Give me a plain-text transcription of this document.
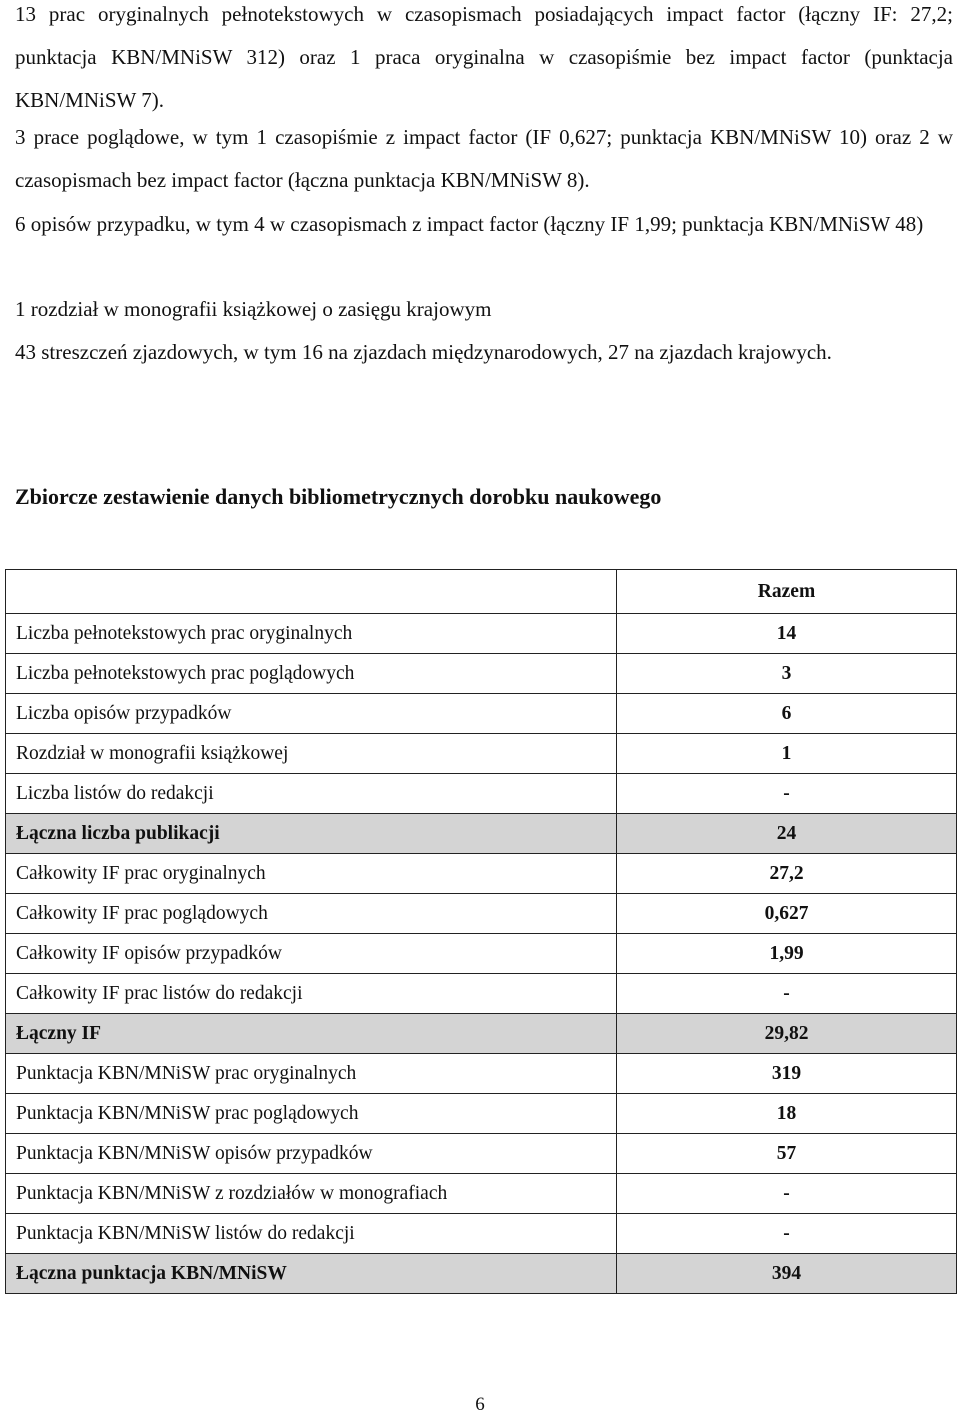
13 prac oryginalnych pełnotekstowych w czasopismach posiadających impact factor (łączny IF: 27,2; punktacja KBN/MNiSW 312) oraz 1 praca oryginalna w czasopiśmie bez impact factor (punktacja KBN/MNiSW 7).

3 prace poglądowe, w tym 1 czasopiśmie z impact factor (IF 0,627; punktacja KBN/MNiSW 10) oraz 2 w czasopismach bez impact factor (łączna punktacja KBN/MNiSW 8).

6 opisów przypadku, w tym 4 w czasopismach z impact factor (łączny IF 1,99; punktacja KBN/MNiSW 48)

1 rozdział w monografii książkowej o zasięgu krajowym

43 streszczeń zjazdowych, w tym 16 na zjazdach międzynarodowych, 27 na zjazdach krajowych.

Zbiorcze zestawienie danych bibliometrycznych dorobku naukowego
	Razem
Liczba pełnotekstowych prac oryginalnych	14
Liczba pełnotekstowych prac poglądowych	3
Liczba opisów przypadków	6
Rozdział w monografii książkowej	1
Liczba listów do redakcji	-
Łączna liczba publikacji	24
Całkowity IF prac oryginalnych	27,2
Całkowity IF prac poglądowych	0,627
Całkowity IF opisów przypadków	1,99
Całkowity IF prac listów do redakcji	-
Łączny IF	29,82
Punktacja KBN/MNiSW prac oryginalnych	319
Punktacja KBN/MNiSW prac poglądowych	18
Punktacja KBN/MNiSW opisów przypadków	57
Punktacja KBN/MNiSW z rozdziałów w monografiach	-
Punktacja KBN/MNiSW listów do redakcji	-
Łączna punktacja KBN/MNiSW	394
6
